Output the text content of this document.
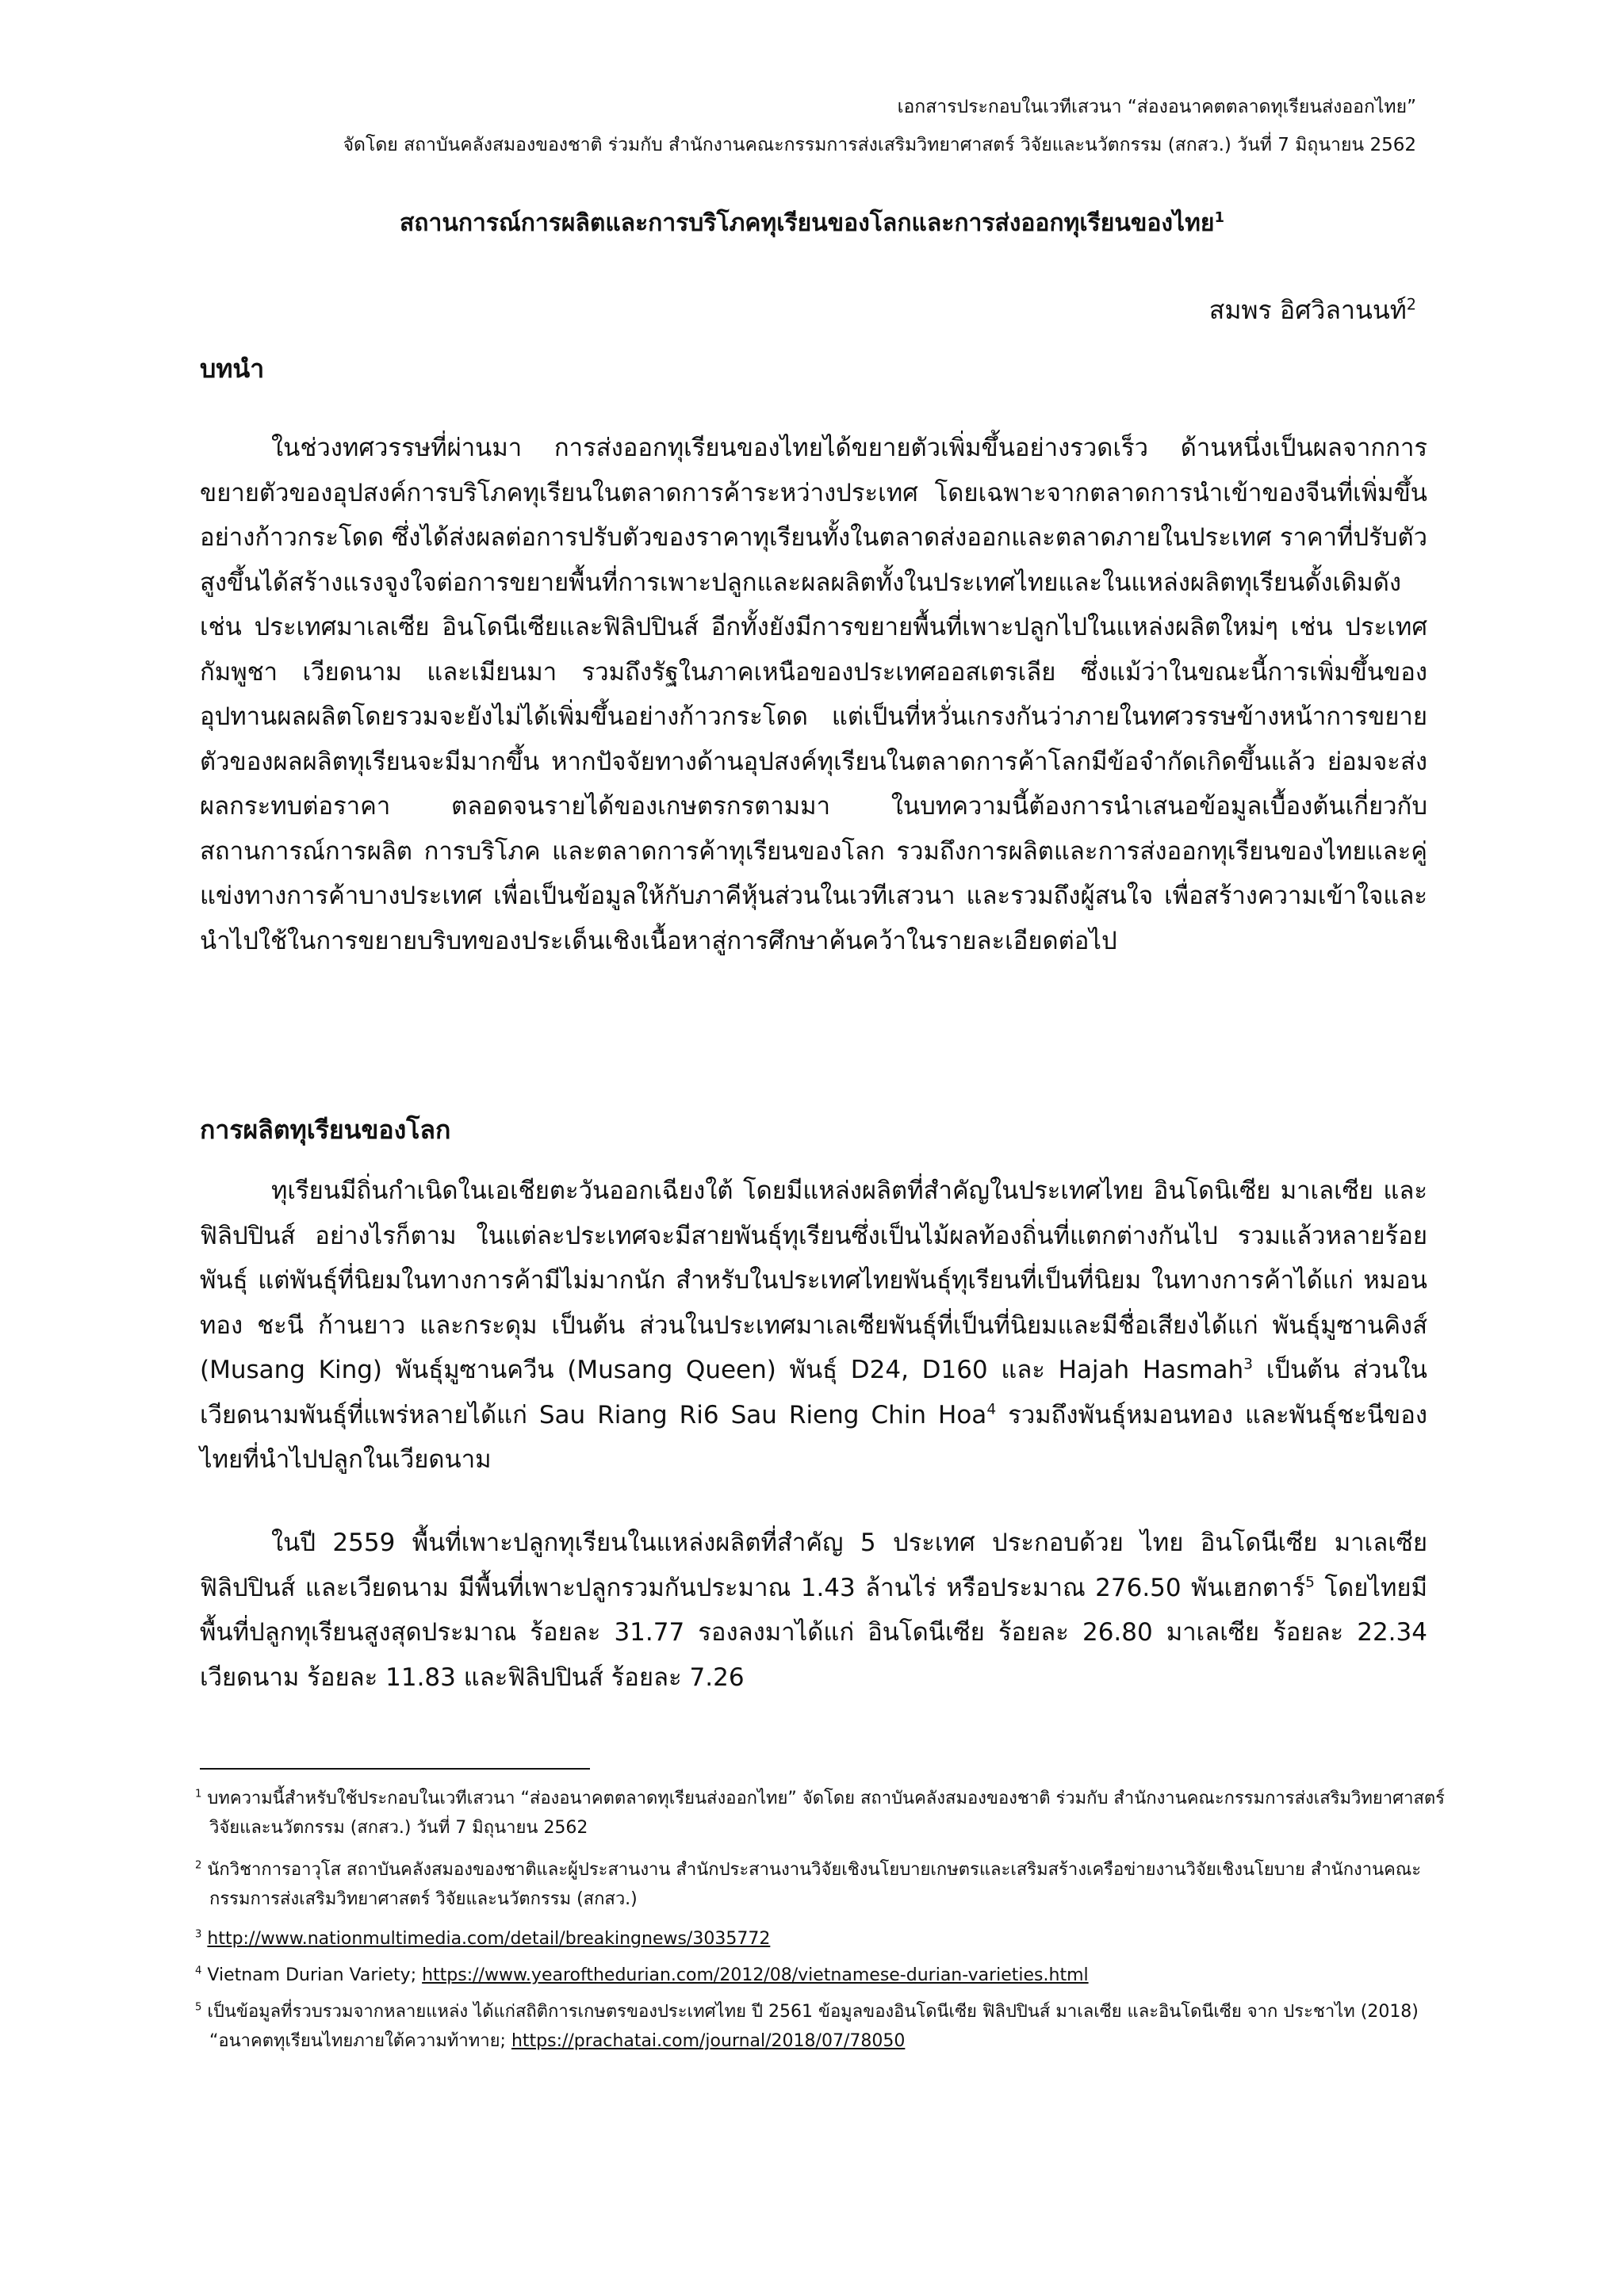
เอกสารประกอบในเวทีเสวนา “ส่องอนาคตตลาดทุเรียนส่งออกไทย”
จัดโดย สถาบันคลังสมองของชาติ ร่วมกับ สำนักงานคณะกรรมการส่งเสริมวิทยาศาสตร์ วิจัยและนวัตกรรม (สกสว.) วันที่ 7 มิถุนายน 2562
สถานการณ์การผลิตและการบริโภคทุเรียนของโลกและการส่งออกทุเรียนของไทย$^1$
สมพร อิศวิลานนท์$^2$
บทนำ

ในช่วงทศวรรษที่ผ่านมา การส่งออกทุเรียนของไทยได้ขยายตัวเพิ่มขึ้นอย่างรวดเร็ว ด้านหนึ่งเป็นผลจากการขยายตัวของอุปสงค์การบริโภคทุเรียนในตลาดการค้าระหว่างประเทศ โดยเฉพาะจากตลาดการนำเข้าของจีนที่เพิ่มขึ้นอย่างก้าวกระโดด ซึ่งได้ส่งผลต่อการปรับตัวของราคาทุเรียนทั้งในตลาดส่งออกและตลาดภายในประเทศ ราคาที่ปรับตัวสูงขึ้นได้สร้างแรงจูงใจต่อการขยายพื้นที่การเพาะปลูกและผลผลิตทั้งในประเทศไทยและในแหล่งผลิตทุเรียนดั้งเดิมดังเช่น ประเทศมาเลเซีย อินโดนีเซียและฟิลิปปินส์ อีกทั้งยังมีการขยายพื้นที่เพาะปลูกไปในแหล่งผลิตใหม่ๆ เช่น ประเทศกัมพูชา เวียดนาม และเมียนมา รวมถึงรัฐในภาคเหนือของประเทศออสเตรเลีย ซึ่งแม้ว่าในขณะนี้การเพิ่มขึ้นของอุปทานผลผลิตโดยรวมจะยังไม่ได้เพิ่มขึ้นอย่างก้าวกระโดด แต่เป็นที่หวั่นเกรงกันว่าภายในทศวรรษข้างหน้าการขยายตัวของผลผลิตทุเรียนจะมีมากขึ้น หากปัจจัยทางด้านอุปสงค์ทุเรียนในตลาดการค้าโลกมีข้อจำกัดเกิดขึ้นแล้ว ย่อมจะส่งผลกระทบต่อราคา ตลอดจนรายได้ของเกษตรกรตามมา ในบทความนี้ต้องการนำเสนอข้อมูลเบื้องต้นเกี่ยวกับสถานการณ์การผลิต การบริโภค และตลาดการค้าทุเรียนของโลก รวมถึงการผลิตและการส่งออกทุเรียนของไทยและคู่แข่งทางการค้าบางประเทศ เพื่อเป็นข้อมูลให้กับภาคีหุ้นส่วนในเวทีเสวนา และรวมถึงผู้สนใจ เพื่อสร้างความเข้าใจและนำไปใช้ในการขยายบริบทของประเด็นเชิงเนื้อหาสู่การศึกษาค้นคว้าในรายละเอียดต่อไป

การผลิตทุเรียนของโลก

ทุเรียนมีถิ่นกำเนิดในเอเชียตะวันออกเฉียงใต้ โดยมีแหล่งผลิตที่สำคัญในประเทศไทย อินโดนิเซีย มาเลเซีย และฟิลิปปินส์ อย่างไรก็ตาม ในแต่ละประเทศจะมีสายพันธุ์ทุเรียนซึ่งเป็นไม้ผลท้องถิ่นที่แตกต่างกันไป รวมแล้วหลายร้อยพันธุ์ แต่พันธุ์ที่นิยมในทางการค้ามีไม่มากนัก สำหรับในประเทศไทยพันธุ์ทุเรียนที่เป็นที่นิยม ในทางการค้าได้แก่ หมอนทอง ชะนี ก้านยาว และกระดุม เป็นต้น ส่วนในประเทศมาเลเซียพันธุ์ที่เป็นที่นิยมและมีชื่อเสียงได้แก่ พันธุ์มูซานคิงส์ (Musang King) พันธุ์มูซานควีน (Musang Queen) พันธุ์ D24, D160 และ Hajah Hasmah$^3$ เป็นต้น ส่วนในเวียดนามพันธุ์ที่แพร่หลายได้แก่ Sau Riang Ri6 Sau Rieng Chin Hoa$^4$ รวมถึงพันธุ์หมอนทอง และพันธุ์ชะนีของไทยที่นำไปปลูกในเวียดนาม

ในปี 2559 พื้นที่เพาะปลูกทุเรียนในแหล่งผลิตที่สำคัญ 5 ประเทศ ประกอบด้วย ไทย อินโดนีเซีย มาเลเซีย ฟิลิปปินส์ และเวียดนาม มีพื้นที่เพาะปลูกรวมกันประมาณ 1.43 ล้านไร่ หรือประมาณ 276.50 พันเฮกตาร์$^5$ โดยไทยมีพื้นที่ปลูกทุเรียนสูงสุดประมาณ ร้อยละ 31.77 รองลงมาได้แก่ อินโดนีเซีย ร้อยละ 26.80 มาเลเซีย ร้อยละ 22.34 เวียดนาม ร้อยละ 11.83 และฟิลิปปินส์ ร้อยละ 7.26

$^1$ บทความนี้สำหรับใช้ประกอบในเวทีเสวนา “ส่องอนาคตตลาดทุเรียนส่งออกไทย” จัดโดย สถาบันคลังสมองของชาติ ร่วมกับ สำนักงานคณะกรรมการส่งเสริมวิทยาศาสตร์ วิจัยและนวัตกรรม (สกสว.) วันที่ 7 มิถุนายน 2562
$^2$ นักวิชาการอาวุโส สถาบันคลังสมองของชาติและผู้ประสานงาน สำนักประสานงานวิจัยเชิงนโยบายเกษตรและเสริมสร้างเครือข่ายงานวิจัยเชิงนโยบาย สำนักงานคณะกรรมการส่งเสริมวิทยาศาสตร์ วิจัยและนวัตกรรม (สกสว.)
$^3$ http://www.nationmultimedia.com/detail/breakingnews/3035772
$^4$ Vietnam Durian Variety; https://www.yearofthedurian.com/2012/08/vietnamese-durian-varieties.html
$^5$ เป็นข้อมูลที่รวบรวมจากหลายแหล่ง ได้แก่สถิติการเกษตรของประเทศไทย ปี 2561 ข้อมูลของอินโดนีเซีย ฟิลิปปินส์ มาเลเซีย และอินโดนีเซีย จาก ประชาไท (2018) “อนาคตทุเรียนไทยภายใต้ความท้าทาย; https://prachatai.com/journal/2018/07/78050
